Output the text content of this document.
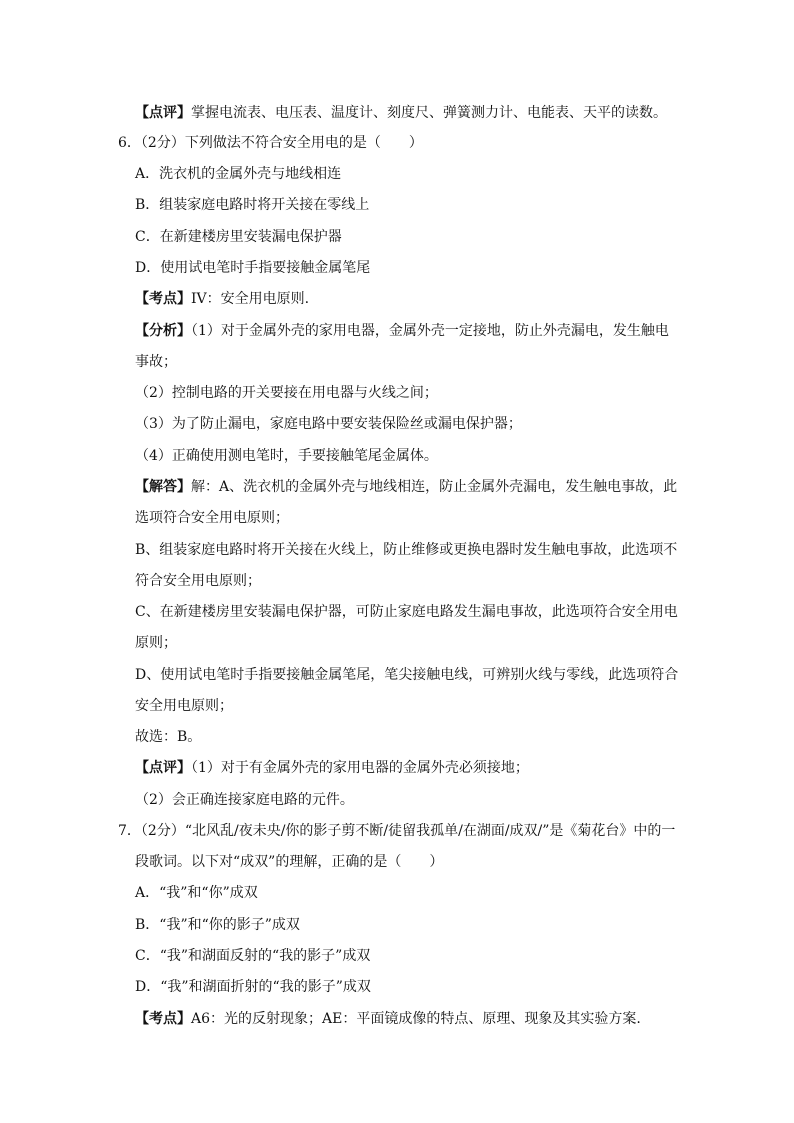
【点评】掌握电流表、电压表、温度计、刻度尺、弹簧测力计、电能表、天平的读数。
6．（2分）下列做法不符合安全用电的是（　　）
A．洗衣机的金属外壳与地线相连
B．组装家庭电路时将开关接在零线上
C．在新建楼房里安装漏电保护器
D．使用试电笔时手指要接触金属笔尾
【考点】IV：安全用电原则.
【分析】（1）对于金属外壳的家用电器，金属外壳一定接地，防止外壳漏电，发生触电
事故；
（2）控制电路的开关要接在用电器与火线之间；
（3）为了防止漏电，家庭电路中要安装保险丝或漏电保护器；
（4）正确使用测电笔时，手要接触笔尾金属体。
【解答】解：A、洗衣机的金属外壳与地线相连，防止金属外壳漏电，发生触电事故，此
选项符合安全用电原则；
B、组装家庭电路时将开关接在火线上，防止维修或更换电器时发生触电事故，此选项不
符合安全用电原则；
C、在新建楼房里安装漏电保护器，可防止家庭电路发生漏电事故，此选项符合安全用电
原则；
D、使用试电笔时手指要接触金属笔尾，笔尖接触电线，可辨别火线与零线，此选项符合
安全用电原则；
故选：B。
【点评】（1）对于有金属外壳的家用电器的金属外壳必须接地；
（2）会正确连接家庭电路的元件。
7．（2分）“北风乱/夜未央/你的影子剪不断/徒留我孤单/在湖面/成双/”是《菊花台》中的一
段歌词。以下对“成双”的理解，正确的是（　　）
A．“我”和“你”成双
B．“我”和“你的影子”成双
C．“我”和湖面反射的“我的影子”成双
D．“我”和湖面折射的“我的影子”成双
【考点】A6：光的反射现象；AE：平面镜成像的特点、原理、现象及其实验方案.
